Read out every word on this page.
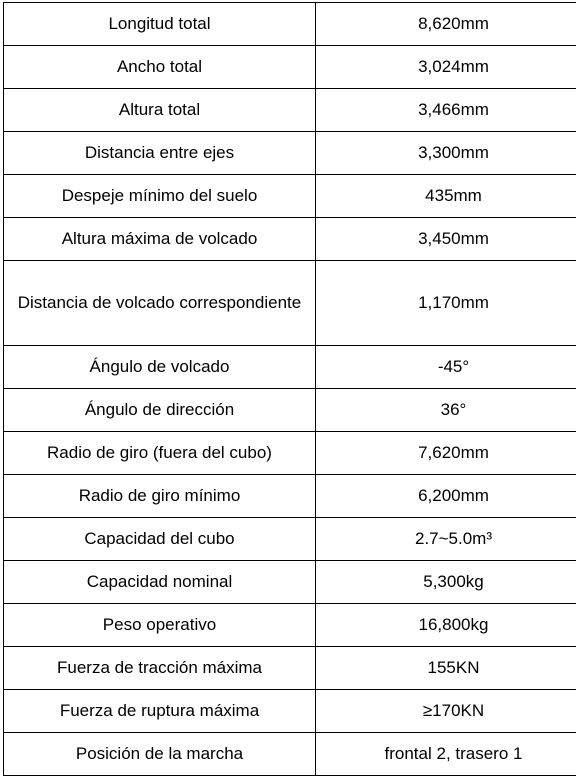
Longitud total	8,620mm
Ancho total	3,024mm
Altura total	3,466mm
Distancia entre ejes	3,300mm
Despeje mínimo del suelo	435mm
Altura máxima de volcado	3,450mm
Distancia de volcado correspondiente	1,170mm
Ángulo de volcado	-45°
Ángulo de dirección	36°
Radio de giro (fuera del cubo)	7,620mm
Radio de giro mínimo	6,200mm
Capacidad del cubo	2.7~5.0m³
Capacidad nominal	5,300kg
Peso operativo	16,800kg
Fuerza de tracción máxima	155KN
Fuerza de ruptura máxima	≥170KN
Posición de la marcha	frontal 2, trasero 1
